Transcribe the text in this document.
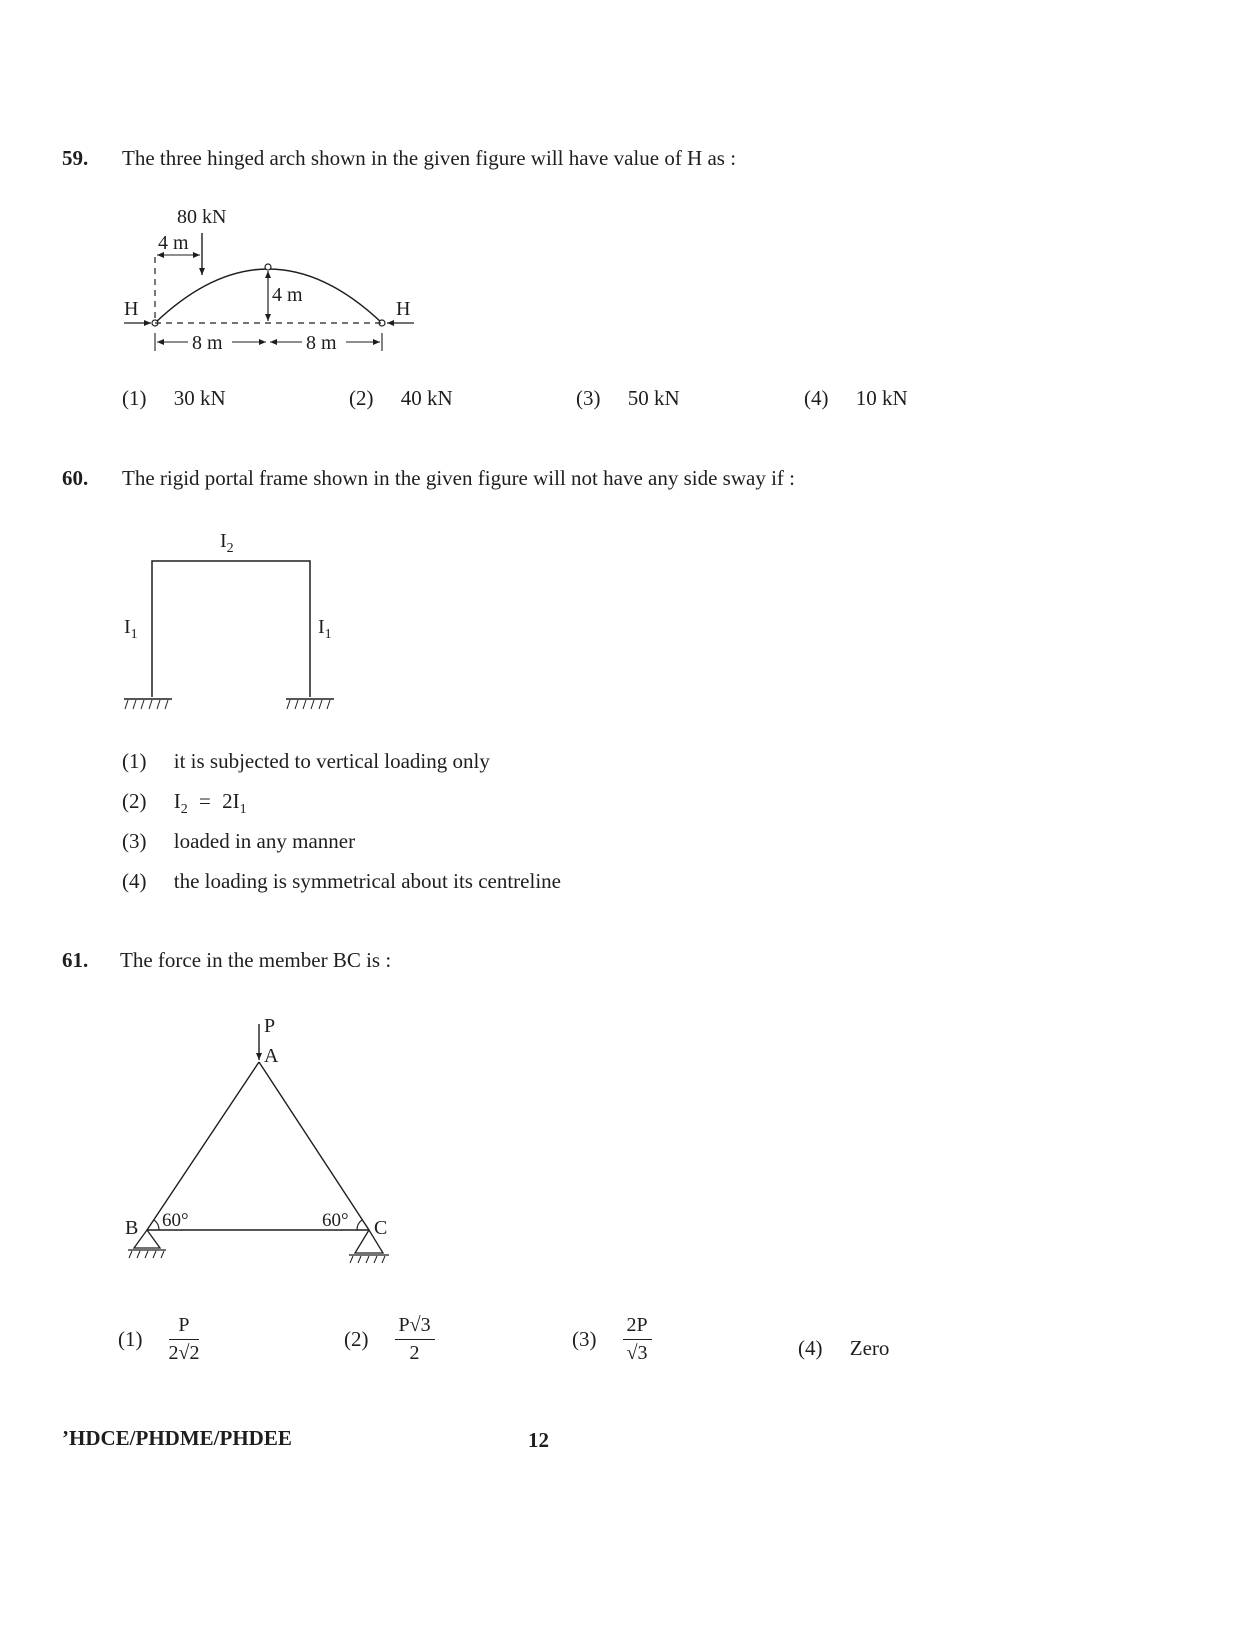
59. The three hinged arch shown in the given figure will have value of H as :
80 kN
4 m
4 m
H	H
8 m	8 m
(1) 30 kN	(2) 40 kN	(3) 50 kN	(4) 10 kN
60. The rigid portal frame shown in the given figure will not have any side sway if :
$I_2$
$I_1$	$I_1$
(1) it is subjected to vertical loading only
(2) $I_2 = 2I_1$
(3) loaded in any manner
(4) the loading is symmetrical about its centreline
61. The force in the member BC is :
P
A
B 60°	60° C
$(1) \frac{P}{2√2}$	$(2) \frac{P√3}{2}$	$(3) \frac{2P}{√3}$	(4) Zero
’HDCE/PHDME/PHDEE	12
